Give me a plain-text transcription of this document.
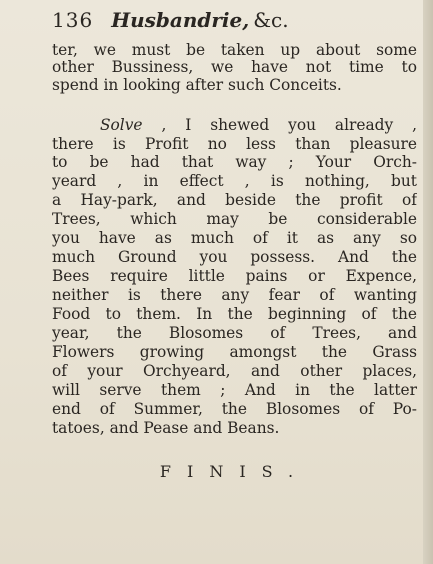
136 Husbandrie, &c.
ter, we must be taken up about some
other Bussiness, we have not time to
spend in looking after such Conceits.
Solve , I shewed you already ,
there is Profit no less than pleasure
to be had that way ; Your Orch-
yeard , in effect , is nothing, but
a Hay-park, and beside the profit of
Trees, which may be considerable
you have as much of it as any so
much Ground you possess. And the
Bees require little pains or Expence,
neither is there any fear of wanting
Food to them. In the beginning of the
year, the Blosomes of Trees, and
Flowers growing amongst the Grass
of your Orchyeard, and other places,
will serve them ; And in the latter
end of Summer, the Blosomes of Po-
tatoes, and Pease and Beans.
FINIS.
